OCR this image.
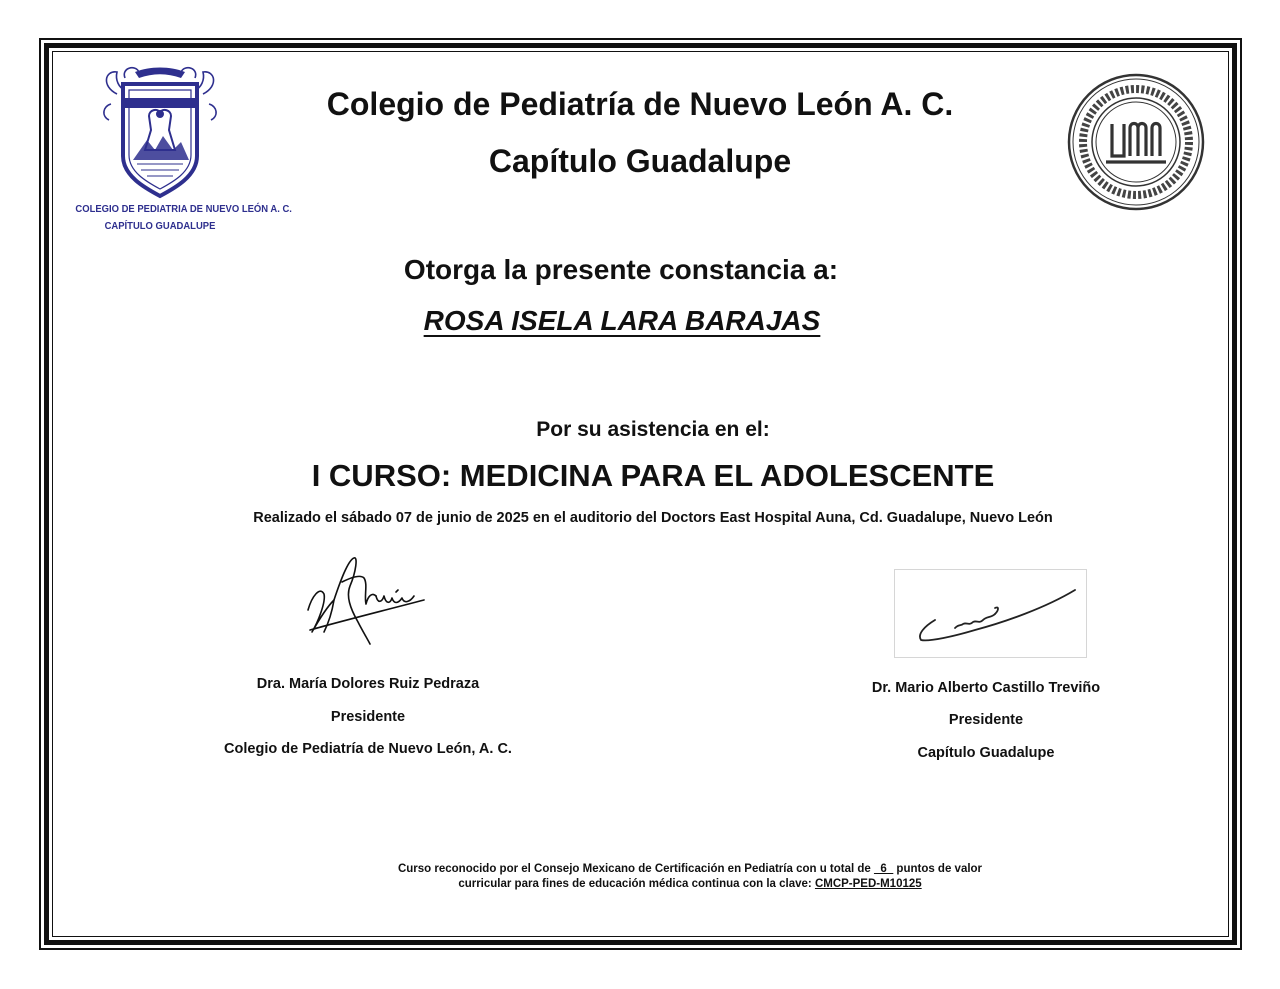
COLEGIO DE PEDIATRIA DE NUEVO LEÓN A. C.
CAPÍTULO GUADALUPE
Colegio de Pediatría de Nuevo León A. C.
Capítulo Guadalupe
Otorga la presente constancia a:
ROSA ISELA LARA BARAJAS
Por su asistencia en el:
I CURSO: MEDICINA PARA EL ADOLESCENTE
Realizado el sábado 07 de junio de 2025 en el auditorio del Doctors East Hospital Auna, Cd. Guadalupe, Nuevo León
Dra. María Dolores Ruiz Pedraza
Presidente
Colegio de Pediatría de Nuevo León, A. C.
Dr. Mario Alberto Castillo Treviño
Presidente
Capítulo Guadalupe
Curso reconocido por el Consejo Mexicano de Certificación en Pediatría con u total de _6_ puntos de valor
curricular para fines de educación médica continua con la clave: CMCP-PED-M10125
